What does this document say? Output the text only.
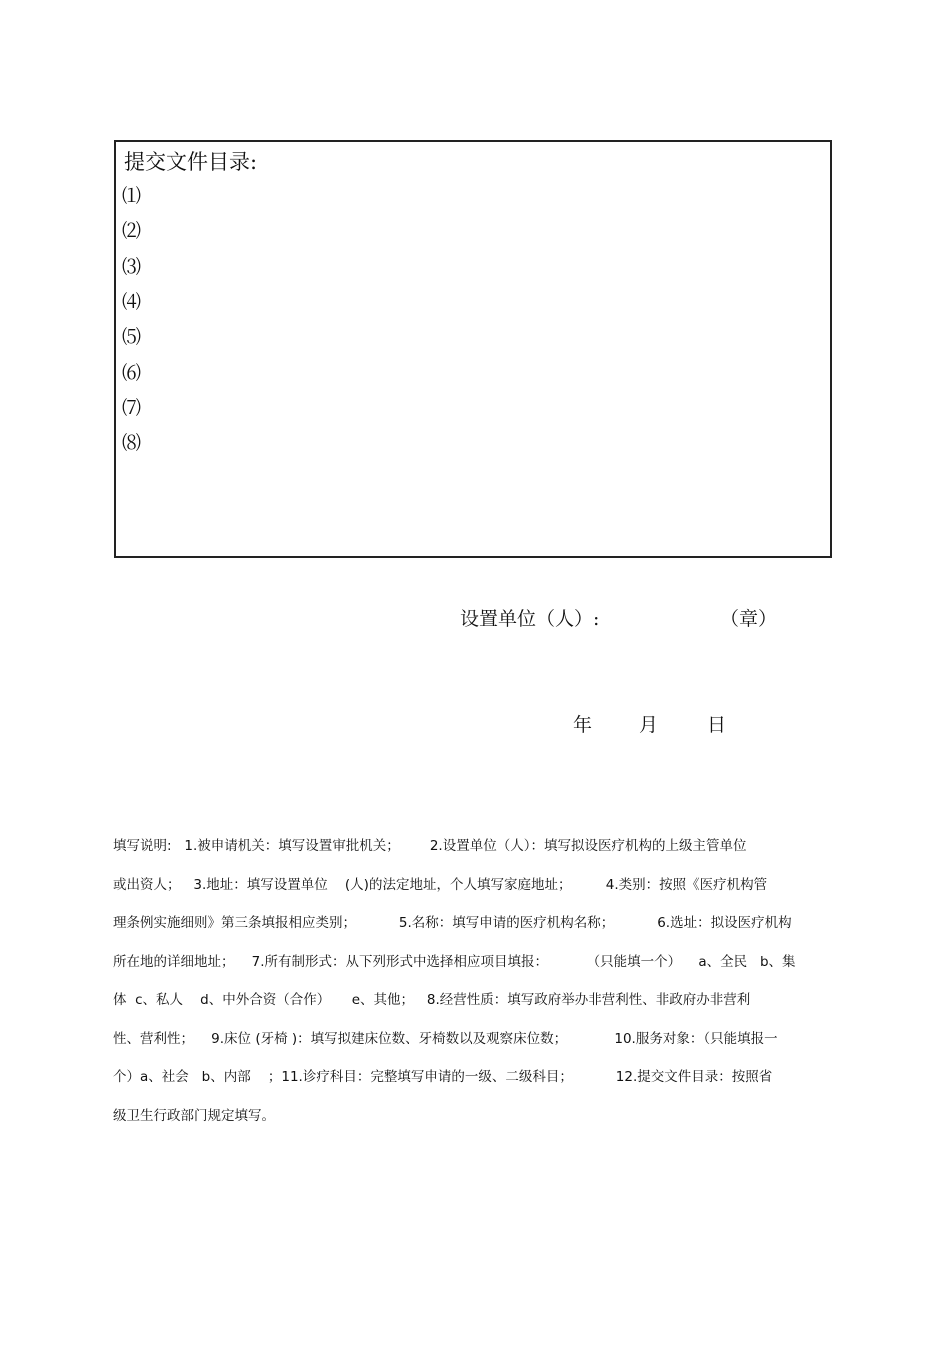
提交文件目录:
⑴
⑵
⑶
⑷
⑸
⑹
⑺
⑻
设置单位（人）:	（章）
年 月	日
填写说明:   1.被申请机关：填写设置审批机关；       2.设置单位（人）：填写拟设医疗机构的上级主管单位
或出资人；   3.地址：填写设置单位    (人)的法定地址，个人填写家庭地址；        4.类别：按照《医疗机构管
理条例实施细则》第三条填报相应类别；          5.名称：填写申请的医疗机构名称；          6.选址：拟设医疗机构
所在地的详细地址；    7.所有制形式：从下列形式中选择相应项目填报：         （只能填一个）    a、全民   b、集
体  c、私人    d、中外合资（合作）     e、其他；   8.经营性质：填写政府举办非营利性、非政府办非营利
性、营利性；    9.床位 (牙椅 )：填写拟建床位数、牙椅数以及观察床位数；           10.服务对象：（只能填报一
个）a、社会   b、内部    ；11.诊疗科目：完整填写申请的一级、二级科目；          12.提交文件目录：按照省
级卫生行政部门规定填写。
